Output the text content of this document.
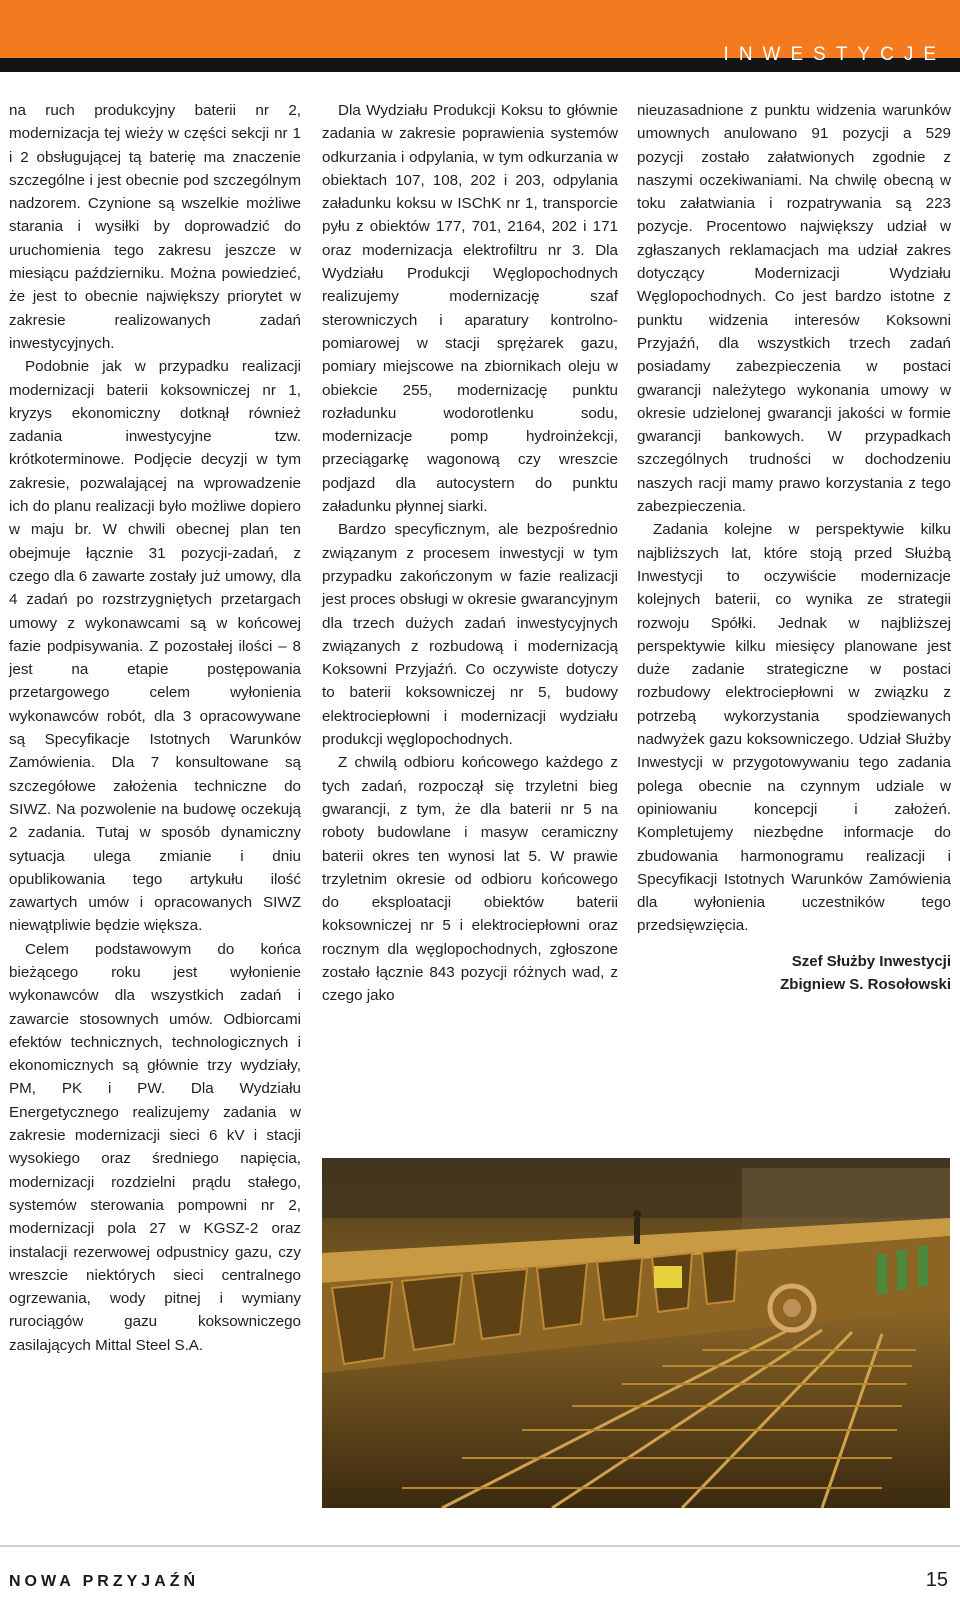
INWESTYCJE

na ruch produkcyjny baterii nr 2, modernizacja tej wieży w części sekcji nr 1 i 2 obsługującej tą baterię ma znaczenie szczególne i jest obecnie pod szczególnym nadzorem. Czynione są wszelkie możliwe starania i wysiłki by doprowadzić do uruchomienia tego zakresu jeszcze w miesiącu październiku. Można powiedzieć, że jest to obecnie największy priorytet w zakresie realizowanych zadań inwestycyjnych.

Podobnie jak w przypadku realizacji modernizacji baterii koksowniczej nr 1, kryzys ekonomiczny dotknął również zadania inwestycyjne tzw. krótkoterminowe. Podjęcie decyzji w tym zakresie, pozwalającej na wprowadzenie ich do planu realizacji było możliwe dopiero w maju br. W chwili obecnej plan ten obejmuje łącznie 31 pozycji-zadań, z czego dla 6 zawarte zostały już umowy, dla 4 zadań po rozstrzygniętych przetargach umowy z wykonawcami są w końcowej fazie podpisywania. Z pozostałej ilości – 8 jest na etapie postępowania przetargowego celem wyłonienia wykonawców robót, dla 3 opracowywane są Specyfikacje Istotnych Warunków Zamówienia. Dla 7 konsultowane są szczegółowe założenia techniczne do SIWZ. Na pozwolenie na budowę oczekują 2 zadania. Tutaj w sposób dynamiczny sytuacja ulega zmianie i dniu opublikowania tego artykułu ilość zawartych umów i opracowanych SIWZ niewątpliwie będzie większa.

Celem podstawowym do końca bieżącego roku jest wyłonienie wykonawców dla wszystkich zadań i zawarcie stosownych umów. Odbiorcami efektów technicznych, technologicznych i ekonomicznych są głównie trzy wydziały, PM, PK i PW. Dla Wydziału Energetycznego realizujemy zadania w zakresie modernizacji sieci 6 kV i stacji wysokiego oraz średniego napięcia, modernizacji rozdzielni prądu stałego, systemów sterowania pompowni nr 2, modernizacji pola 27 w KGSZ-2 oraz instalacji rezerwowej odpustnicy gazu, czy wreszcie niektórych sieci centralnego ogrzewania, wody pitnej i wymiany rurociągów gazu koksowniczego zasilających Mittal Steel S.A.

Dla Wydziału Produkcji Koksu to głównie zadania w zakresie poprawienia systemów odkurzania i odpylania, w tym odkurzania w obiektach 107, 108, 202 i 203, odpylania załadunku koksu w ISChK nr 1, transporcie pyłu z obiektów 177, 701, 2164, 202 i 171 oraz modernizacja elektrofiltru nr 3. Dla Wydziału Produkcji Węglopochodnych realizujemy modernizację szaf sterowniczych i aparatury kontrolno-pomiarowej w stacji sprężarek gazu, pomiary miejscowe na zbiornikach oleju w obiekcie 255, modernizację punktu rozładunku wodorotlenku sodu, modernizacje pomp hydroinżekcji, przeciągarkę wagonową czy wreszcie podjazd dla autocystern do punktu załadunku płynnej siarki.

Bardzo specyficznym, ale bezpośrednio związanym z procesem inwestycji w tym przypadku zakończonym w fazie realizacji jest proces obsługi w okresie gwarancyjnym dla trzech dużych zadań inwestycyjnych związanych z rozbudową i modernizacją Koksowni Przyjaźń. Co oczywiste dotyczy to baterii koksowniczej nr 5, budowy elektrociepłowni i modernizacji wydziału produkcji węglopochodnych.

Z chwilą odbioru końcowego każdego z tych zadań, rozpoczął się trzyletni bieg gwarancji, z tym, że dla baterii nr 5 na roboty budowlane i masyw ceramiczny baterii okres ten wynosi lat 5. W prawie trzyletnim okresie od odbioru końcowego do eksploatacji obiektów baterii koksowniczej nr 5 i elektrociepłowni oraz rocznym dla węglopochodnych, zgłoszone zostało łącznie 843 pozycji różnych wad, z czego jako

nieuzasadnione z punktu widzenia warunków umownych anulowano 91 pozycji a 529 pozycji zostało załatwionych zgodnie z naszymi oczekiwaniami. Na chwilę obecną w toku załatwiania i rozpatrywania są 223 pozycje. Procentowo największy udział w zgłaszanych reklamacjach ma udział zakres dotyczący Modernizacji Wydziału Węglopochodnych. Co jest bardzo istotne z punktu widzenia interesów Koksowni Przyjaźń, dla wszystkich trzech zadań posiadamy zabezpieczenia w postaci gwarancji należytego wykonania umowy w okresie udzielonej gwarancji jakości w formie gwarancji bankowych. W przypadkach szczególnych trudności w dochodzeniu naszych racji mamy prawo korzystania z tego zabezpieczenia.

Zadania kolejne w perspektywie kilku najbliższych lat, które stoją przed Służbą Inwestycji to oczywiście modernizacje kolejnych baterii, co wynika ze strategii rozwoju Spółki. Jednak w najbliższej perspektywie kilku miesięcy planowane jest duże zadanie strategiczne w postaci rozbudowy elektrociepłowni w związku z potrzebą wykorzystania spodziewanych nadwyżek gazu koksowniczego. Udział Służby Inwestycji w przygotowywaniu tego zadania polega obecnie na czynnym udziale w opiniowaniu koncepcji i założeń. Kompletujemy niezbędne informacje do zbudowania harmonogramu realizacji i Specyfikacji Istotnych Warunków Zamówienia dla wyłonienia uczestników tego przedsięwzięcia.

Szef Służby Inwestycji

Zbigniew S. Rosołowski

NOWA PRZYJAŹŃ	15
